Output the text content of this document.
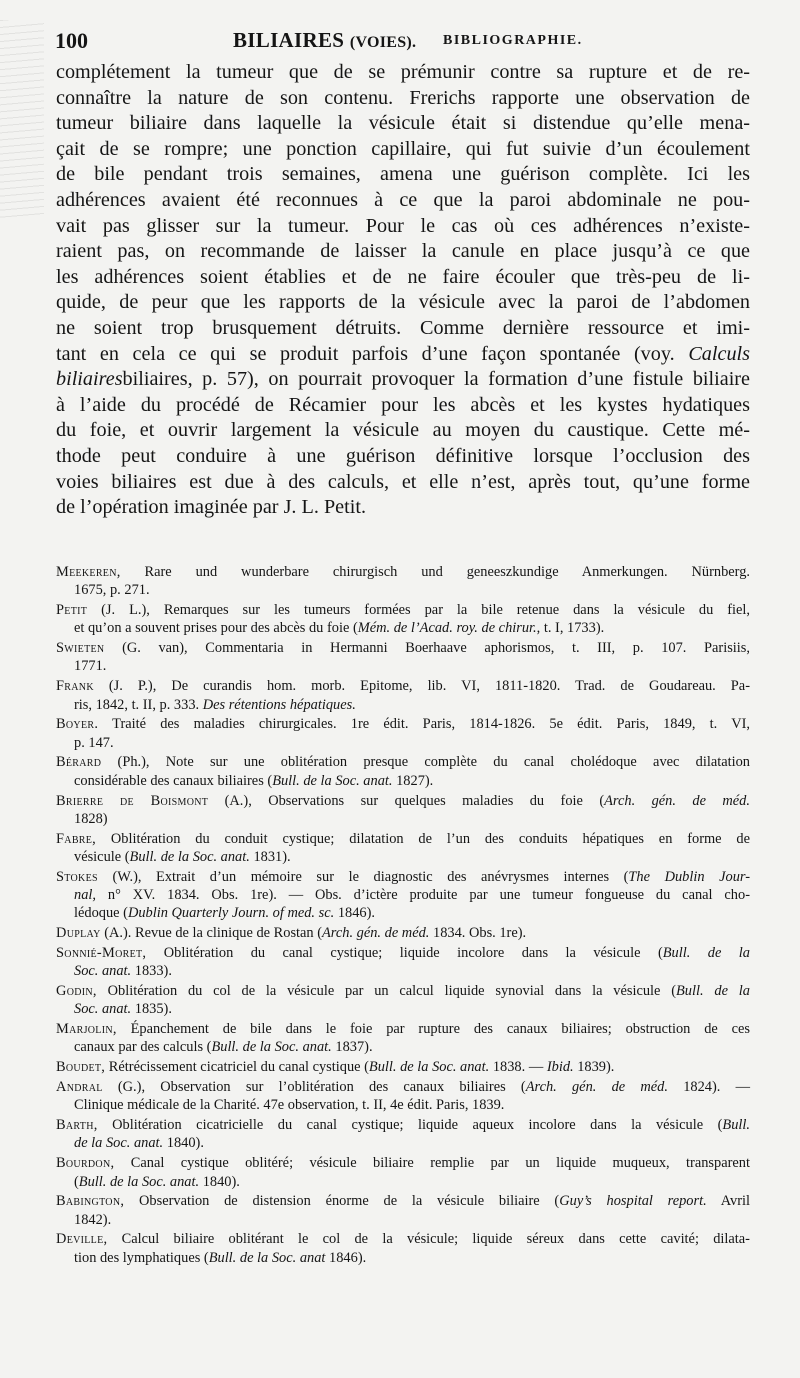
100	BILIAIRES (VOIES). BIBLIOGRAPHIE.
complétement la tumeur que de se prémunir contre sa rupture et de re-
connaître la nature de son contenu. Frerichs rapporte une observation de
tumeur biliaire dans laquelle la vésicule était si distendue qu’elle mena-
çait de se rompre; une ponction capillaire, qui fut suivie d’un écoulement
de bile pendant trois semaines, amena une guérison complète. Ici les
adhérences avaient été reconnues à ce que la paroi abdominale ne pou-
vait pas glisser sur la tumeur. Pour le cas où ces adhérences n’existe-
raient pas, on recommande de laisser la canule en place jusqu’à ce que
les adhérences soient établies et de ne faire écouler que très-peu de li-
quide, de peur que les rapports de la vésicule avec la paroi de l’abdomen
ne soient trop brusquement détruits. Comme dernière ressource et imi-
tant en cela ce qui se produit parfois d’une façon spontanée (voy. Calculs
biliairesbiliaires, p. 57), on pourrait provoquer la formation d’une fistule biliaire
à l’aide du procédé de Récamier pour les abcès et les kystes hydatiques
du foie, et ouvrir largement la vésicule au moyen du caustique. Cette mé-
thode peut conduire à une guérison définitive lorsque l’occlusion des
voies biliaires est due à des calculs, et elle n’est, après tout, qu’une forme
de l’opération imaginée par J. L. Petit.
Meekeren, Rare und wunderbare chirurgisch und geneeszkundige Anmerkungen. Nürnberg.
1675, p. 271.
Petit (J. L.), Remarques sur les tumeurs formées par la bile retenue dans la vésicule du fiel,
et qu’on a souvent prises pour des abcès du foie (Mém. de l’Acad. roy. de chirur., t. I, 1733).
Swieten (G. van), Commentaria in Hermanni Boerhaave aphorismos, t. III, p. 107. Parisiis,
1771.
Frank (J. P.), De curandis hom. morb. Epitome, lib. VI, 1811-1820. Trad. de Goudareau. Pa-
ris, 1842, t. II, p. 333. Des rétentions hépatiques.
Boyer. Traité des maladies chirurgicales. 1re édit. Paris, 1814-1826. 5e édit. Paris, 1849, t. VI,
p. 147.
Bérard (Ph.), Note sur une oblitération presque complète du canal cholédoque avec dilatation
considérable des canaux biliaires (Bull. de la Soc. anat. 1827).
Brierre de Boismont (A.), Observations sur quelques maladies du foie (Arch. gén. de méd.
1828)
Fabre, Oblitération du conduit cystique; dilatation de l’un des conduits hépatiques en forme de
vésicule (Bull. de la Soc. anat. 1831).
Stokes (W.), Extrait d’un mémoire sur le diagnostic des anévrysmes internes (The Dublin Jour-
nal, n° XV. 1834. Obs. 1re). — Obs. d’ictère produite par une tumeur fongueuse du canal cho-
lédoque (Dublin Quarterly Journ. of med. sc. 1846).
Duplay (A.). Revue de la clinique de Rostan (Arch. gén. de méd. 1834. Obs. 1re).
Sonnié-Moret, Oblitération du canal cystique; liquide incolore dans la vésicule (Bull. de la
Soc. anat. 1833).
Godin, Oblitération du col de la vésicule par un calcul liquide synovial dans la vésicule (Bull. de la
Soc. anat. 1835).
Marjolin, Épanchement de bile dans le foie par rupture des canaux biliaires; obstruction de ces
canaux par des calculs (Bull. de la Soc. anat. 1837).
Boudet, Rétrécissement cicatriciel du canal cystique (Bull. de la Soc. anat. 1838. — Ibid. 1839).
Andral (G.), Observation sur l’oblitération des canaux biliaires (Arch. gén. de méd. 1824). —
Clinique médicale de la Charité. 47e observation, t. II, 4e édit. Paris, 1839.
Barth, Oblitération cicatricielle du canal cystique; liquide aqueux incolore dans la vésicule (Bull.
de la Soc. anat. 1840).
Bourdon, Canal cystique oblitéré; vésicule biliaire remplie par un liquide muqueux, transparent
(Bull. de la Soc. anat. 1840).
Babington, Observation de distension énorme de la vésicule biliaire (Guy’s hospital report. Avril
1842).
Deville, Calcul biliaire oblitérant le col de la vésicule; liquide séreux dans cette cavité; dilata-
tion des lymphatiques (Bull. de la Soc. anat 1846).
